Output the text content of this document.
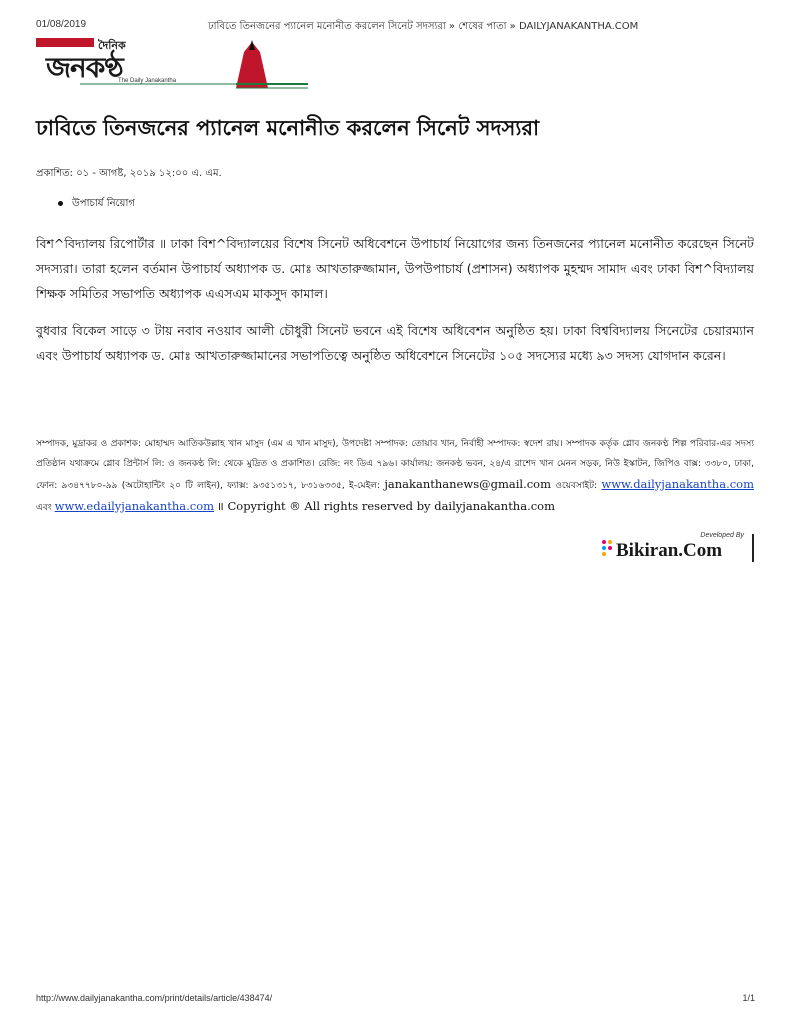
01/08/2019	ঢাবিতে তিনজনের প্যানেল মনোনীত করলেন সিনেট সদস্যরা » শেষের পাতা » DAILYJANAKANTHA.COM
দৈনিক
জনকণ্ঠ
The Daily Janakantha
ঢাবিতে তিনজনের প্যানেল মনোনীত করলেন সিনেট সদস্যরা
প্রকাশিত: ০১ - আগষ্ট, ২০১৯ ১২:০০ এ. এম.
উপাচার্য নিয়োগ

বিশ^বিদ্যালয় রিপোর্টার ॥ ঢাকা বিশ^বিদ্যালয়ের বিশেষ সিনেট অধিবেশনে উপাচার্য নিয়োগের জন্য তিনজনের প্যানেল মনোনীত করেছেন সিনেট সদস্যরা। তারা হলেন বর্তমান উপাচার্য অধ্যাপক ড. মোঃ আখতারুজ্জামান, উপউপাচার্য (প্রশাসন) অধ্যাপক মুহম্মদ সামাদ এবং ঢাকা বিশ^বিদ্যালয় শিক্ষক সমিতির সভাপতি অধ্যাপক এএসএম মাকসুদ কামাল।

বুধবার বিকেল সাড়ে ৩ টায় নবাব নওয়াব আলী চৌধুরী সিনেট ভবনে এই বিশেষ অধিবেশন অনুষ্ঠিত হয়। ঢাকা বিশ্ববিদ্যালয় সিনেটের চেয়ারম্যান এবং উপাচার্য অধ্যাপক ড. মোঃ আখতারুজ্জামানের সভাপতিত্বে অনুষ্ঠিত অধিবেশনে সিনেটের ১০৫ সদস্যের মধ্যে ৯৩ সদস্য যোগদান করেন।

সম্পাদক, মুদ্রাকর ও প্রকাশক: মোহাম্মদ আতিকউল্লাহ খান মাসুদ (এম এ খান মাসুদ), উপদেষ্টা সম্পাদক: তোয়াব খান, নির্বাহী সম্পাদক: স্বদেশ রায়। সম্পাদক কর্তৃক গ্লোব জনকণ্ঠ শিল্প পরিবার-এর সদস্য প্রতিষ্ঠান যথাক্রমে গ্লোব প্রিন্টার্স লি: ও জনকণ্ঠ লি: থেকে মুদ্রিত ও প্রকাশিত। রেজি: নং ডিএ ৭৯৬। কার্যালয়: জনকণ্ঠ ভবন, ২৪/এ রাশেদ খান মেনন সড়ক, নিউ ইস্কাটন, জিপিও বাক্স: ৩৩৮০, ঢাকা, ফোন: ৯৩৪৭৭৮০-৯৯ (অটোহান্টিং ২০ টি লাইন), ফ্যাক্স: ৯৩৫১৩১৭, ৮৩১৬৩৩৫, ই-মেইল: janakanthanews@gmail.com ওয়েবসাইট: www.dailyjanakantha.com এবং www.edailyjanakantha.com ॥ Copyright ® All rights reserved by dailyjanakantha.com

Developed By
Bikiran.Com
http://www.dailyjanakantha.com/print/details/article/438474/	1/1
